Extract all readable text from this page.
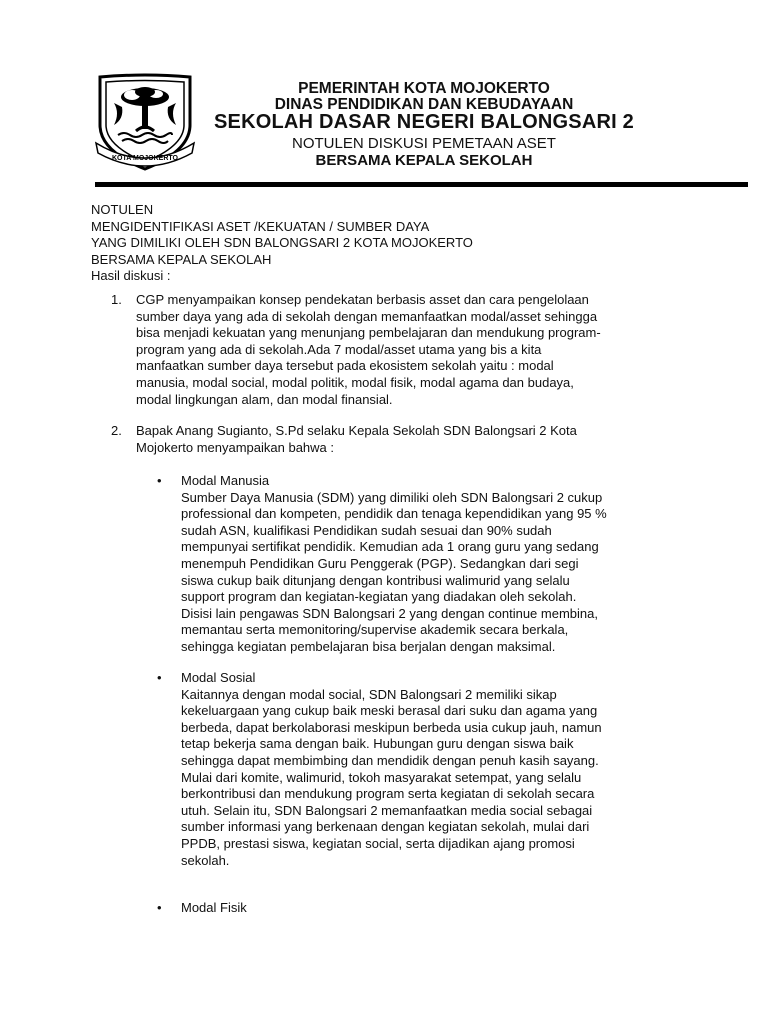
KOTA MOJOKERTO
PEMERINTAH KOTA MOJOKERTO
DINAS PENDIDIKAN DAN KEBUDAYAAN
SEKOLAH DASAR NEGERI BALONGSARI 2
NOTULEN DISKUSI PEMETAAN ASET
BERSAMA KEPALA SEKOLAH
NOTULEN
MENGIDENTIFIKASI ASET /KEKUATAN / SUMBER DAYA
YANG DIMILIKI OLEH SDN BALONGSARI 2 KOTA MOJOKERTO
BERSAMA KEPALA SEKOLAH
Hasil diskusi :
1. CGP menyampaikan konsep pendekatan berbasis asset dan cara pengelolaan
sumber daya yang ada di sekolah dengan memanfaatkan modal/asset sehingga
bisa menjadi kekuatan yang menunjang pembelajaran dan mendukung program-
program yang ada di sekolah.Ada 7 modal/asset utama yang bis a kita
manfaatkan sumber daya tersebut pada ekosistem sekolah yaitu : modal
manusia, modal social, modal politik, modal fisik, modal agama dan budaya,
modal lingkungan alam, dan modal finansial.
2. Bapak Anang Sugianto, S.Pd selaku Kepala Sekolah SDN Balongsari 2 Kota
Mojokerto menyampaikan bahwa :
• Modal Manusia
Sumber Daya Manusia (SDM) yang dimiliki oleh SDN Balongsari 2 cukup
professional dan kompeten, pendidik dan tenaga kependidikan yang 95 %
sudah ASN, kualifikasi Pendidikan sudah sesuai dan 90% sudah
mempunyai sertifikat pendidik. Kemudian ada 1 orang guru yang sedang
menempuh Pendidikan Guru Penggerak (PGP). Sedangkan dari segi
siswa cukup baik ditunjang dengan kontribusi walimurid yang selalu
support program dan kegiatan-kegiatan yang diadakan oleh sekolah.
Disisi lain pengawas SDN Balongsari 2 yang dengan continue membina,
memantau serta memonitoring/supervise akademik secara berkala,
sehingga kegiatan pembelajaran bisa berjalan dengan maksimal.
• Modal Sosial
Kaitannya dengan modal social, SDN Balongsari 2 memiliki sikap
kekeluargaan yang cukup baik meski berasal dari suku dan agama yang
berbeda, dapat berkolaborasi meskipun berbeda usia cukup jauh, namun
tetap bekerja sama dengan baik. Hubungan guru dengan siswa baik
sehingga dapat membimbing dan mendidik dengan penuh kasih sayang.
Mulai dari komite, walimurid, tokoh masyarakat setempat, yang selalu
berkontribusi dan mendukung program serta kegiatan di sekolah secara
utuh. Selain itu, SDN Balongsari 2 memanfaatkan media social sebagai
sumber informasi yang berkenaan dengan kegiatan sekolah, mulai dari
PPDB, prestasi siswa, kegiatan social, serta dijadikan ajang promosi
sekolah.
• Modal Fisik
